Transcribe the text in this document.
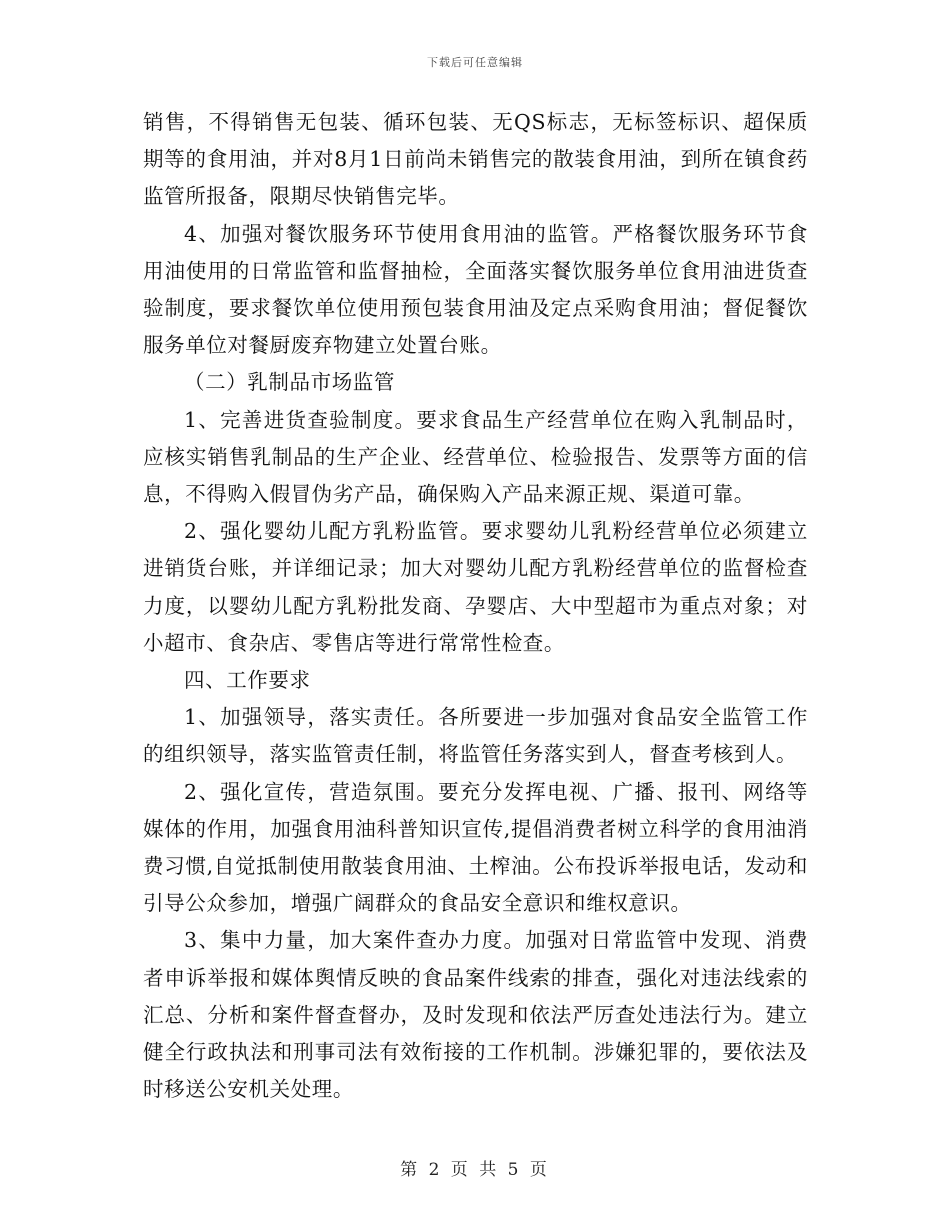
下载后可任意编辑

销售，不得销售无包装、循环包装、无QS标志，无标签标识、超保质期等的食用油，并对8月1日前尚未销售完的散装食用油，到所在镇食药监管所报备，限期尽快销售完毕。

4、加强对餐饮服务环节使用食用油的监管。严格餐饮服务环节食用油使用的日常监管和监督抽检，全面落实餐饮服务单位食用油进货查验制度，要求餐饮单位使用预包装食用油及定点采购食用油；督促餐饮服务单位对餐厨废弃物建立处置台账。

（二）乳制品市场监管

1、完善进货查验制度。要求食品生产经营单位在购入乳制品时，应核实销售乳制品的生产企业、经营单位、检验报告、发票等方面的信息，不得购入假冒伪劣产品，确保购入产品来源正规、渠道可靠。

2、强化婴幼儿配方乳粉监管。要求婴幼儿乳粉经营单位必须建立进销货台账，并详细记录；加大对婴幼儿配方乳粉经营单位的监督检查力度，以婴幼儿配方乳粉批发商、孕婴店、大中型超市为重点对象；对小超市、食杂店、零售店等进行常常性检查。

四、工作要求

1、加强领导，落实责任。各所要进一步加强对食品安全监管工作的组织领导，落实监管责任制，将监管任务落实到人，督查考核到人。

2、强化宣传，营造氛围。要充分发挥电视、广播、报刊、网络等媒体的作用，加强食用油科普知识宣传,提倡消费者树立科学的食用油消费习惯,自觉抵制使用散装食用油、土榨油。公布投诉举报电话，发动和引导公众参加，增强广阔群众的食品安全意识和维权意识。

3、集中力量，加大案件查办力度。加强对日常监管中发现、消费者申诉举报和媒体舆情反映的食品案件线索的排查，强化对违法线索的汇总、分析和案件督查督办，及时发现和依法严厉查处违法行为。建立健全行政执法和刑事司法有效衔接的工作机制。涉嫌犯罪的，要依法及时移送公安机关处理。

第 2 页 共 5 页
